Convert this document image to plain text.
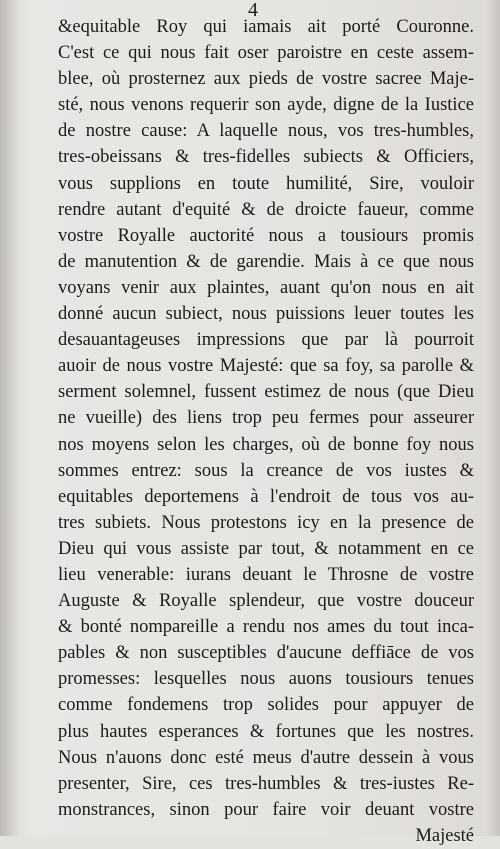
4
&equitable Roy qui iamais ait porté Couronne.
C'est ce qui nous fait oser paroistre en ceste assem-
blee, où prosternez aux pieds de vostre sacree Maje-
sté, nous venons requerir son ayde, digne de la Iustice
de nostre cause: A laquelle nous, vos tres-humbles,
tres-obeissans & tres-fidelles subiects & Officiers,
vous supplions en toute humilité, Sire, vouloir
rendre autant d'equité & de droicte faueur, comme
vostre Royalle auctorité nous a tousiours promis
de manutention & de garendie. Mais à ce que nous
voyans venir aux plaintes, auant qu'on nous en ait
donné aucun subiect, nous puissions leuer toutes les
desauantageuses impressions que par là pourroit
auoir de nous vostre Majesté: que sa foy, sa parolle &
serment solemnel, fussent estimez de nous (que Dieu
ne vueille) des liens trop peu fermes pour asseurer
nos moyens selon les charges, où de bonne foy nous
sommes entrez: sous la creance de vos iustes &
equitables deportemens à l'endroit de tous vos au-
tres subiets. Nous protestons icy en la presence de
Dieu qui vous assiste par tout, & notamment en ce
lieu venerable: iurans deuant le Throsne de vostre
Auguste & Royalle splendeur, que vostre douceur
& bonté nompareille a rendu nos ames du tout inca-
pables & non susceptibles d'aucune deffiāce de vos
promesses: lesquelles nous auons tousiours tenues
comme fondemens trop solides pour appuyer de
plus hautes esperances & fortunes que les nostres.
Nous n'auons donc esté meus d'autre dessein à vous
presenter, Sire, ces tres-humbles & tres-iustes Re-
monstrances, sinon pour faire voir deuant vostre
Majesté
